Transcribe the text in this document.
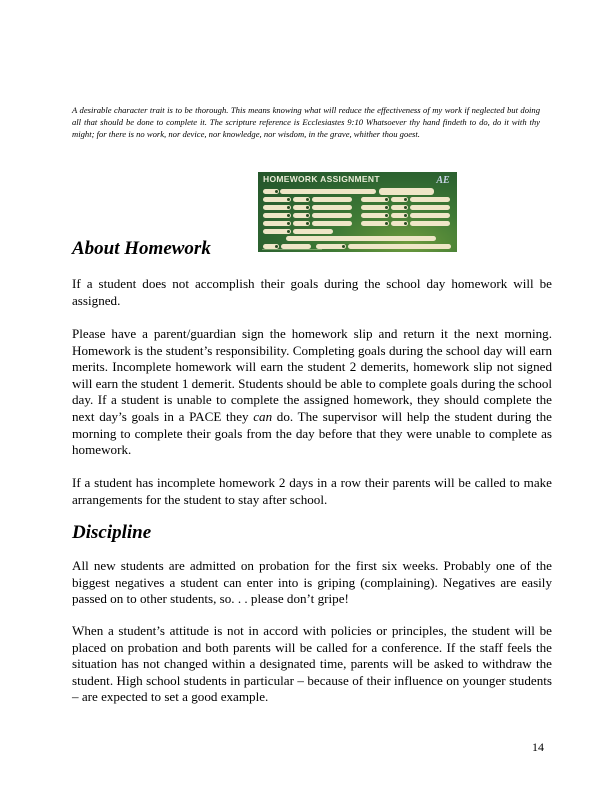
A desirable character trait is to be thorough. This means knowing what will reduce the effectiveness of my work if neglected but doing all that should be done to complete it. The scripture reference is Ecclesiastes 9:10 Whatsoever thy hand findeth to do, do it with thy might; for there is no work, nor device, nor knowledge, nor wisdom, in the grave, whither thou goest.
HOMEWORK ASSIGNMENT	AE
About Homework
If a student does not accomplish their goals during the school day homework will be assigned.
Please have a parent/guardian sign the homework slip and return it the next morning. Homework is the student’s responsibility. Completing goals during the school day will earn merits. Incomplete homework will earn the student 2 demerits, homework slip not signed will earn the student 1 demerit. Students should be able to complete goals during the school day. If a student is unable to complete the assigned homework, they should complete the next day’s goals in a PACE they can do. The supervisor will help the student during the morning to complete their goals from the day before that they were unable to complete as homework.
If a student has incomplete homework 2 days in a row their parents will be called to make arrangements for the student to stay after school.
Discipline
All new students are admitted on probation for the first six weeks. Probably one of the biggest negatives a student can enter into is griping (complaining). Negatives are easily passed on to other students, so. . . please don’t gripe!
When a student’s attitude is not in accord with policies or principles, the student will be placed on probation and both parents will be called for a conference. If the staff feels the situation has not changed within a designated time, parents will be asked to withdraw the student. High school students in particular – because of their influence on younger students – are expected to set a good example.
14
